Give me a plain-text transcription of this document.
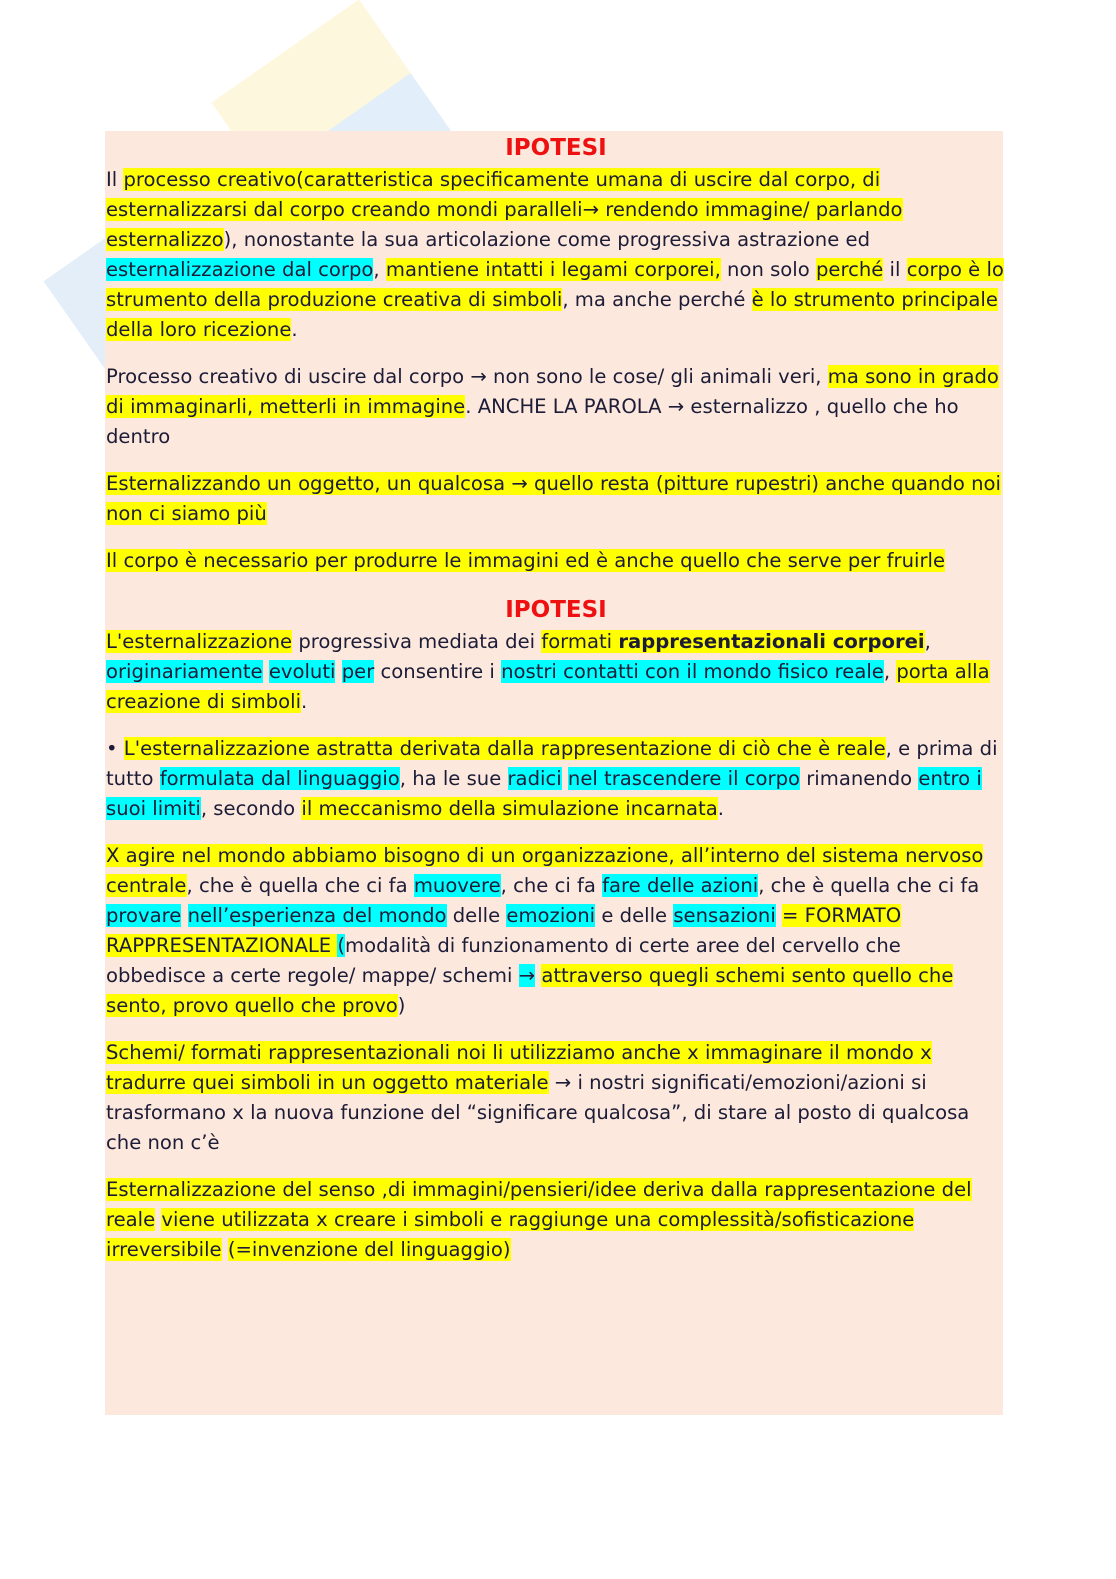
IPOTESI

Il processo creativo(caratteristica specificamente umana di uscire dal corpo, di esternalizzarsi dal corpo creando mondi paralleli→ rendendo immagine/ parlando esternalizzo), nonostante la sua articolazione come progressiva astrazione ed esternalizzazione dal corpo, mantiene intatti i legami corporei, non solo perché il corpo è lo strumento della produzione creativa di simboli, ma anche perché è lo strumento principale della loro ricezione.

Processo creativo di uscire dal corpo → non sono le cose/ gli animali veri, ma sono in grado di immaginarli, metterli in immagine. ANCHE LA PAROLA → esternalizzo , quello che ho dentro

Esternalizzando un oggetto, un qualcosa → quello resta (pitture rupestri) anche quando noi non ci siamo più

Il corpo è necessario per produrre le immagini ed è anche quello che serve per fruirle

IPOTESI

L'esternalizzazione progressiva mediata dei formati rappresentazionali corporei, originariamente evoluti per consentire i nostri contatti con il mondo fisico reale, porta alla creazione di simboli.

• L'esternalizzazione astratta derivata dalla rappresentazione di ciò che è reale, e prima di tutto formulata dal linguaggio, ha le sue radici nel trascendere il corpo rimanendo entro i suoi limiti, secondo il meccanismo della simulazione incarnata.

X agire nel mondo abbiamo bisogno di un organizzazione, all’interno del sistema nervoso centrale, che è quella che ci fa muovere, che ci fa fare delle azioni, che è quella che ci fa provare nell’esperienza del mondo delle emozioni e delle sensazioni = FORMATO RAPPRESENTAZIONALE (modalità di funzionamento di certe aree del cervello che obbedisce a certe regole/ mappe/ schemi → attraverso quegli schemi sento quello che sento, provo quello che provo)

Schemi/ formati rappresentazionali noi li utilizziamo anche x immaginare il mondo x tradurre quei simboli in un oggetto materiale → i nostri significati/emozioni/azioni si trasformano x la nuova funzione del “significare qualcosa”, di stare al posto di qualcosa che non c’è

Esternalizzazione del senso ,di immagini/pensieri/idee deriva dalla rappresentazione del reale viene utilizzata x creare i simboli e raggiunge una complessità/sofisticazione irreversibile (=invenzione del linguaggio)
